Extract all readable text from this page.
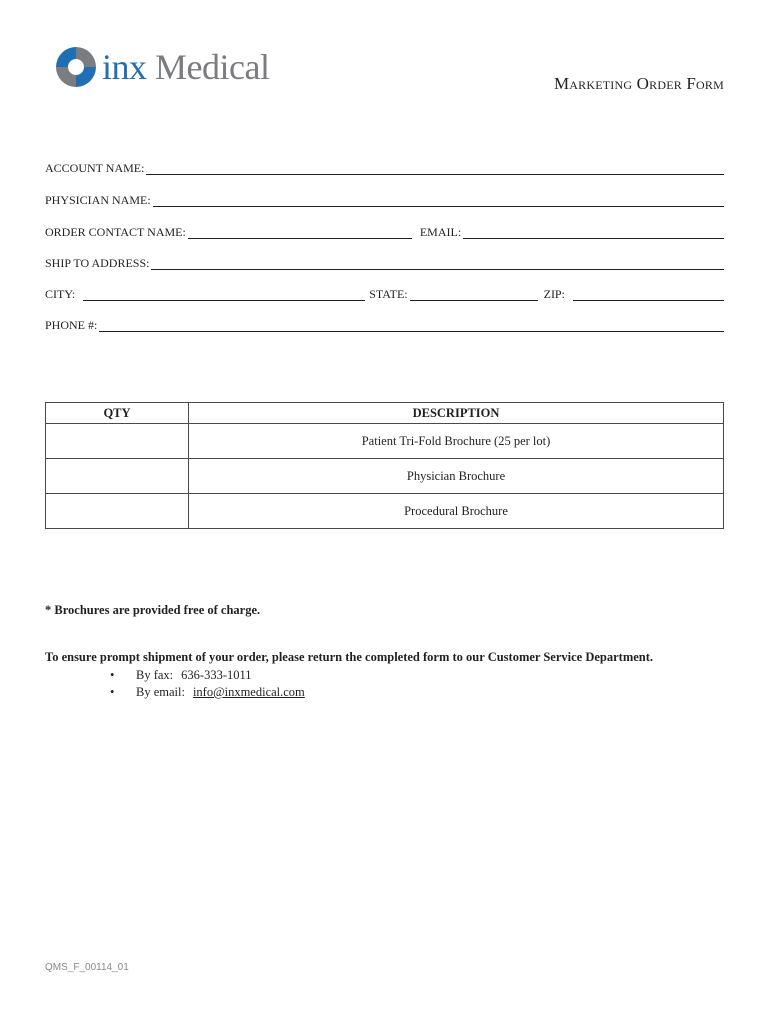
inx Medical	Marketing Order Form
ACCOUNT NAME:
PHYSICIAN NAME:
ORDER CONTACT NAME:	EMAIL:
SHIP TO ADDRESS:
CITY:	STATE:	ZIP:
PHONE #:
QTY	DESCRIPTION
	Patient Tri-Fold Brochure (25 per lot)
	Physician Brochure
	Procedural Brochure
* Brochures are provided free of charge.
To ensure prompt shipment of your order, please return the completed form to our Customer Service Department.
•	By fax: 636-333-1011
•	By email: info@inxmedical.com
QMS_F_00114_01
